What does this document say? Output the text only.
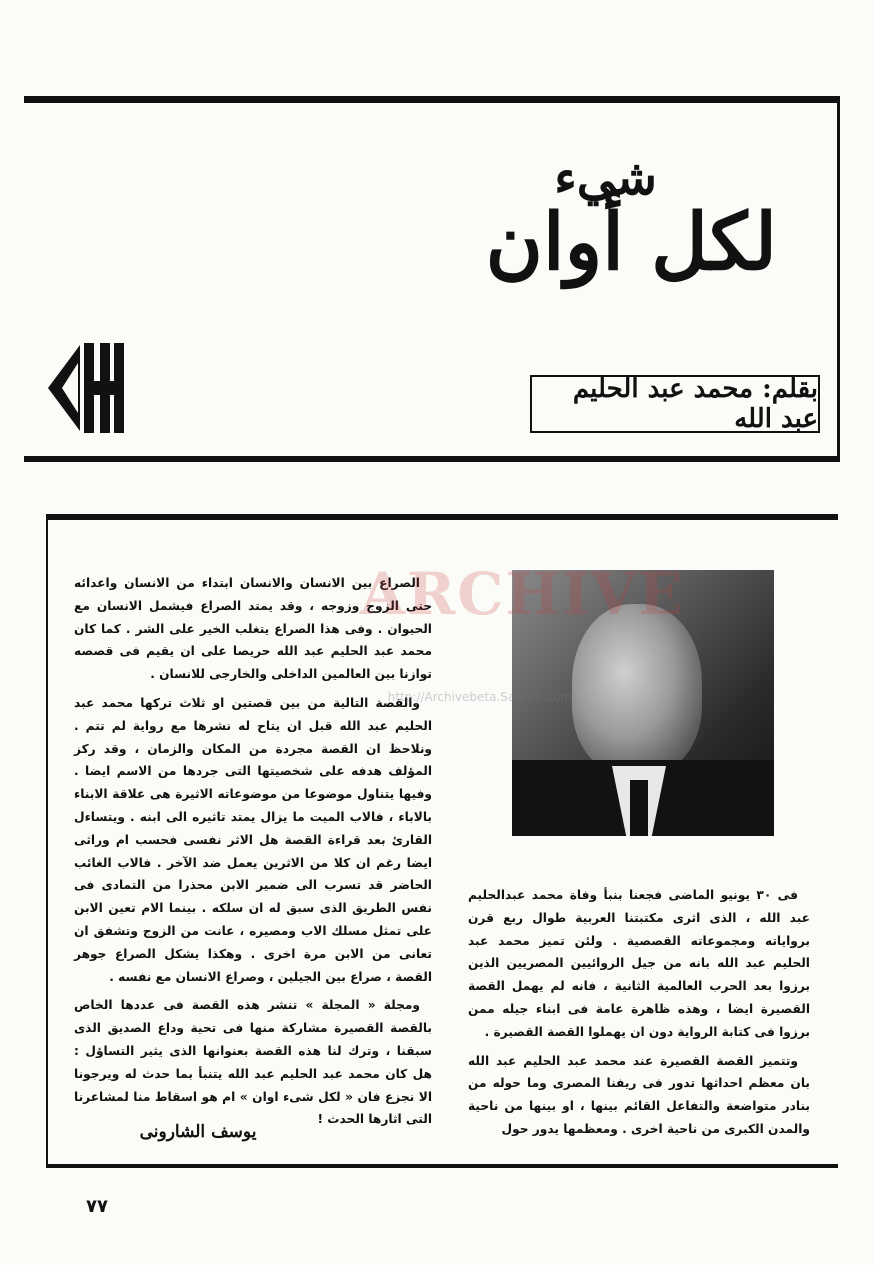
شيء
لكل أوان
بقلم: محمد عبد الحليم عبد الله

الصراع بين الانسان والانسان ابتداء من الانسان واعدائه حتى الزوج وزوجه ، وقد يمتد الصراع فيشمل الانسان مع الحيوان . وفى هذا الصراع يتغلب الخير على الشر . كما كان محمد عبد الحليم عبد الله حريصا على ان يقيم فى قصصه توازنا بين العالمين الداخلى والخارجى للانسان .

والقصة التالية من بين قصتين او ثلاث تركها محمد عبد الحليم عبد الله قبل ان يتاح له نشرها مع رواية لم تتم . ونلاحظ ان القصة مجردة من المكان والزمان ، وقد ركز المؤلف هدفه على شخصيتها التى جردها من الاسم ايضا . وفيها يتناول موضوعا من موضوعاته الاثيرة هى علاقة الابناء بالاباء ، فالاب الميت ما يزال يمتد تاثيره الى ابنه . ويتساءل القارئ بعد قراءة القصة هل الاثر نفسى فحسب ام وراثى ايضا رغم ان كلا من الاثرين يعمل ضد الآخر . فالاب الغائب الحاضر قد تسرب الى ضمير الابن محذرا من التمادى فى نفس الطريق الذى سبق له ان سلكه . بينما الام تعين الابن على تمثل مسلك الاب ومصيره ، عانت من الزوج وتشفق ان تعانى من الابن مرة اخرى . وهكذا يشكل الصراع جوهر القصة ، صراع بين الجيلين ، وصراع الانسان مع نفسه .

ومجلة « المجلة » تنشر هذه القصة فى عددها الخاص بالقصة القصيرة مشاركة منها فى تحية وداع الصديق الذى سبقنا ، وترك لنا هذه القصة بعنوانها الذى يثير التساؤل : هل كان محمد عبد الحليم عبد الله يتنبأ بما حدث له ويرجونا الا نجزع فان « لكل شىء اوان » ام هو اسقاط منا لمشاعرنا التى اثارها الحدث !

فى ٣٠ يونيو الماضى فجعنا بنبأ وفاة محمد عبدالحليم عبد الله ، الذى اثرى مكتبتنا العربية طوال ربع قرن برواياته ومجموعاته القصصية . ولئن تميز محمد عبد الحليم عبد الله بانه من جيل الروائيين المصريين الذين برزوا بعد الحرب العالمية الثانية ، فانه لم يهمل القصة القصيرة ايضا ، وهذه ظاهرة عامة فى ابناء جيله ممن برزوا فى كتابة الرواية دون ان يهملوا القصة القصيرة .

وتتميز القصة القصيرة عند محمد عبد الحليم عبد الله بان معظم احداثها تدور فى ريفنا المصرى وما حوله من بنادر متواضعة والتفاعل القائم بينها ، او بينها من ناحية والمدن الكبرى من ناحية اخرى . ومعظمها يدور حول

يوسف الشارونى
ARCHIVE
http://Archivebeta.Sakhrit.com
٧٧
